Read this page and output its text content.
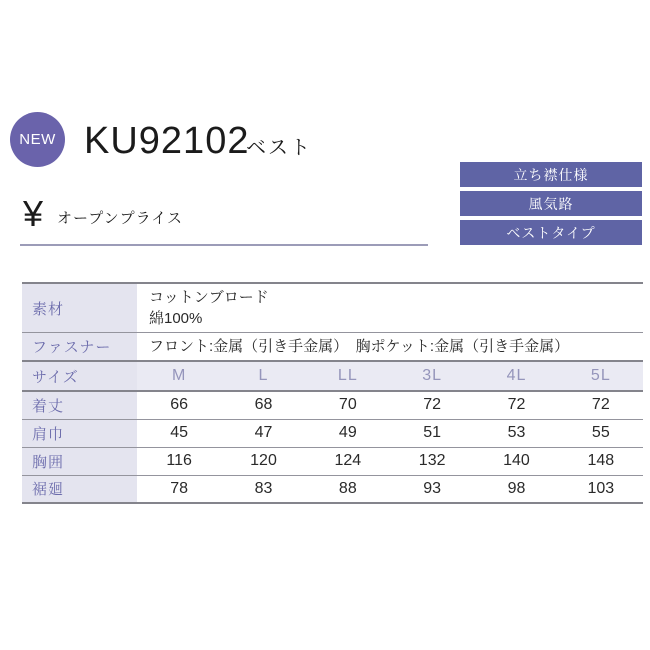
NEW KU92102
ベスト
立ち襟仕様
風気路
ベストタイプ
¥ オープンプライス
素材	コットンブロード
綿100%

ファスナー	フロント:金属（引き手金属）　胸ポケット:金属（引き手金属）
サイズ	M	L	LL	3L	4L	5L
着丈	66	68	70	72	72	72
肩巾	45	47	49	51	53	55
胸囲	116	120	124	132	140	148
裾廻	78	83	88	93	98	103
